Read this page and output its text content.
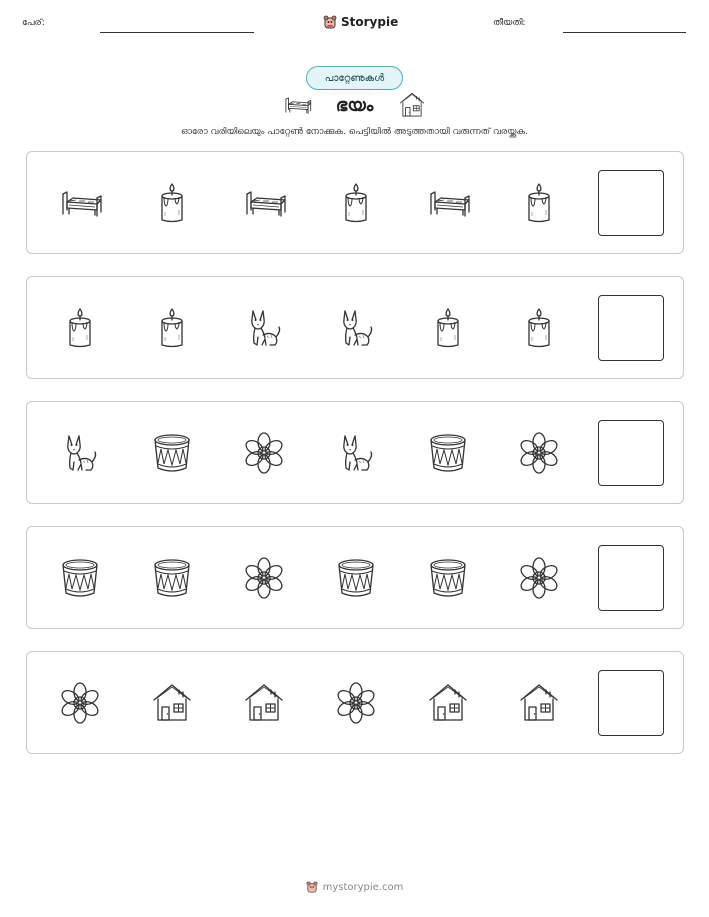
പേര്:	Storypie	തീയതി:
പാറ്റേണുകൾ
ഭയം
ഓരോ വരിയിലെയും പാറ്റേൺ നോക്കുക. പെട്ടിയിൽ അടുത്തതായി വരുന്നത് വരയ്ക്കുക.
mystorypie.com
